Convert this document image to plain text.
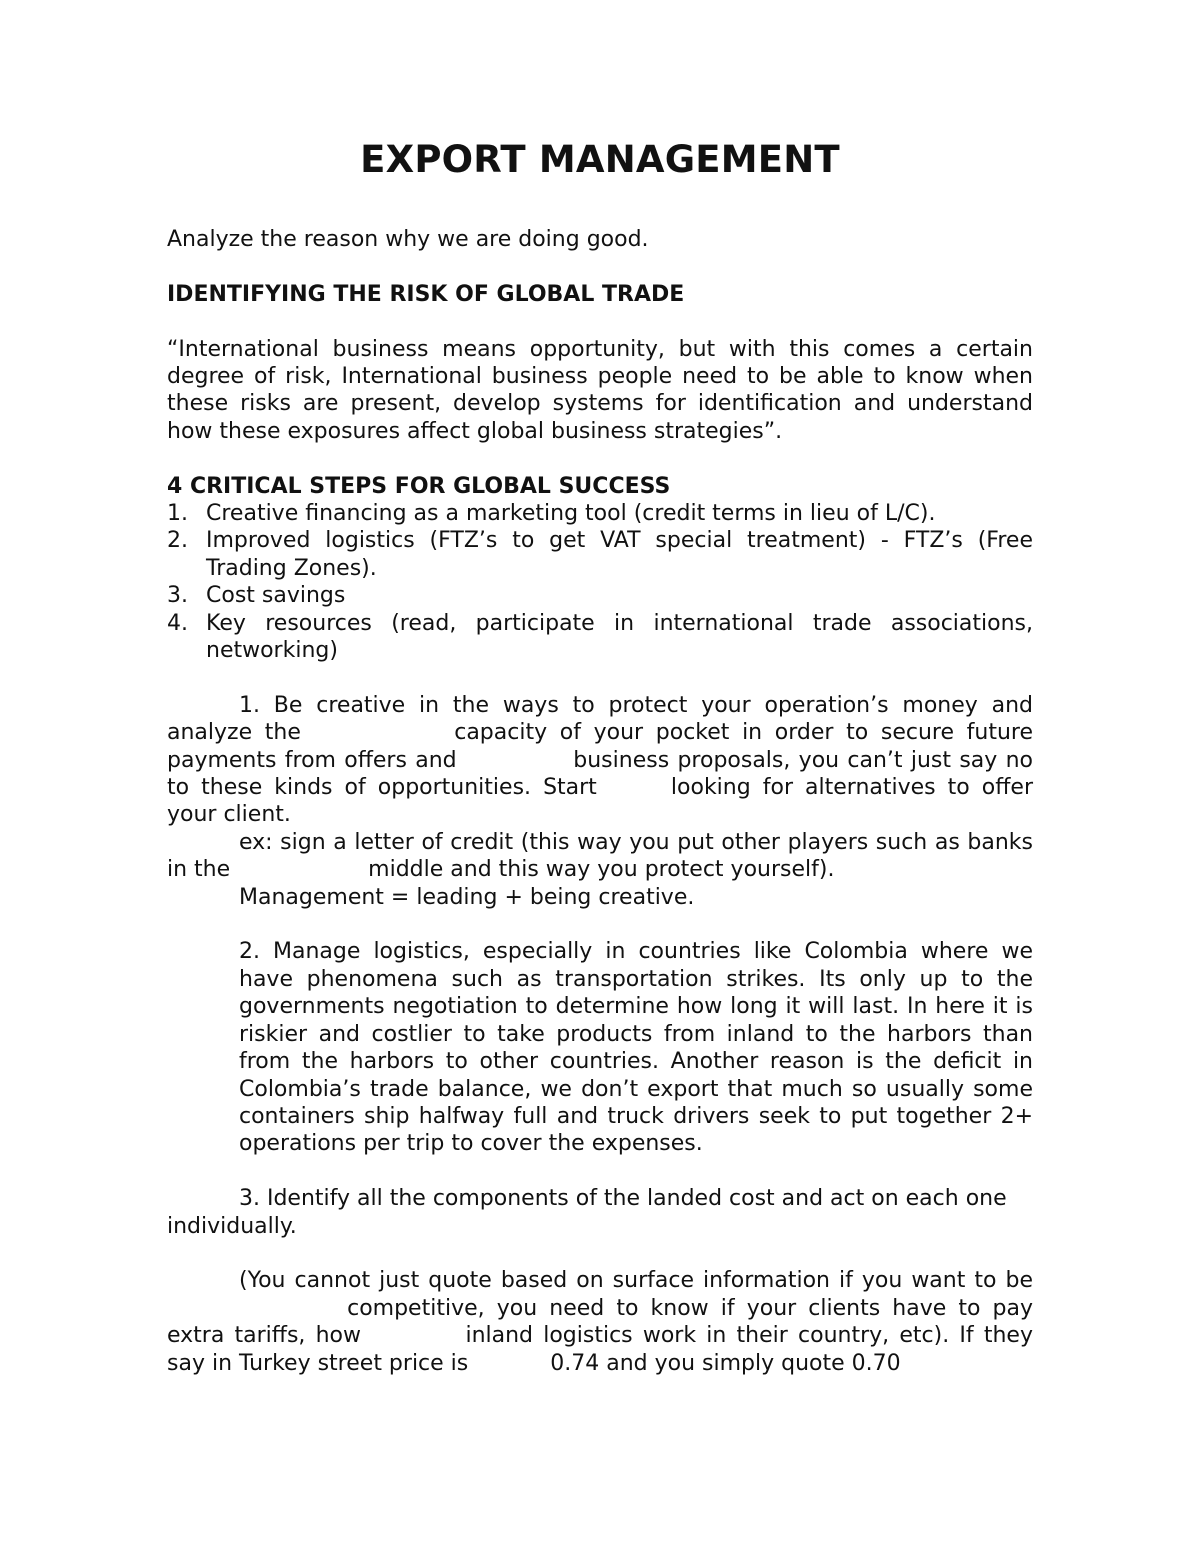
EXPORT MANAGEMENT

Analyze the reason why we are doing good.

IDENTIFYING THE RISK OF GLOBAL TRADE

“International business means opportunity, but with this comes a certain degree of risk, International business people need to be able to know when these risks are present, develop systems for identification and understand how these exposures affect global business strategies”.

4 CRITICAL STEPS FOR GLOBAL SUCCESS

1. Creative financing as a marketing tool (credit terms in lieu of L/C).
2. Improved logistics (FTZ’s to get VAT special treatment) - FTZ’s (Free Trading Zones).
3. Cost savings
4. Key resources (read, participate in international trade associations, networking)

1. Be creative in the ways to protect your operation’s money and analyze the	capacity of your pocket in order to secure future payments from offers and	business proposals, you can’t just say no to these kinds of opportunities. Start	looking for alternatives to offer your client.

ex: sign a letter of credit (this way you put other players such as banks in the	middle and this way you protect yourself).

Management = leading + being creative.

2. Manage logistics, especially in countries like Colombia where we have phenomena such as transportation strikes. Its only up to the governments negotiation to determine how long it will last. In here it is riskier and costlier to take products from inland to the harbors than from the harbors to other countries. Another reason is the deficit in Colombia’s trade balance, we don’t export that much so usually some containers ship halfway full and truck drivers seek to put together 2+ operations per trip to cover the expenses.

3. Identify all the components of the landed cost and act on each one individually.

(You cannot just quote based on surface information if you want to be  competitive, you need to know if your clients have to pay extra tariffs, how	inland logistics work in their country, etc). If they say in Turkey street price is	0.74 and you simply quote 0.70
